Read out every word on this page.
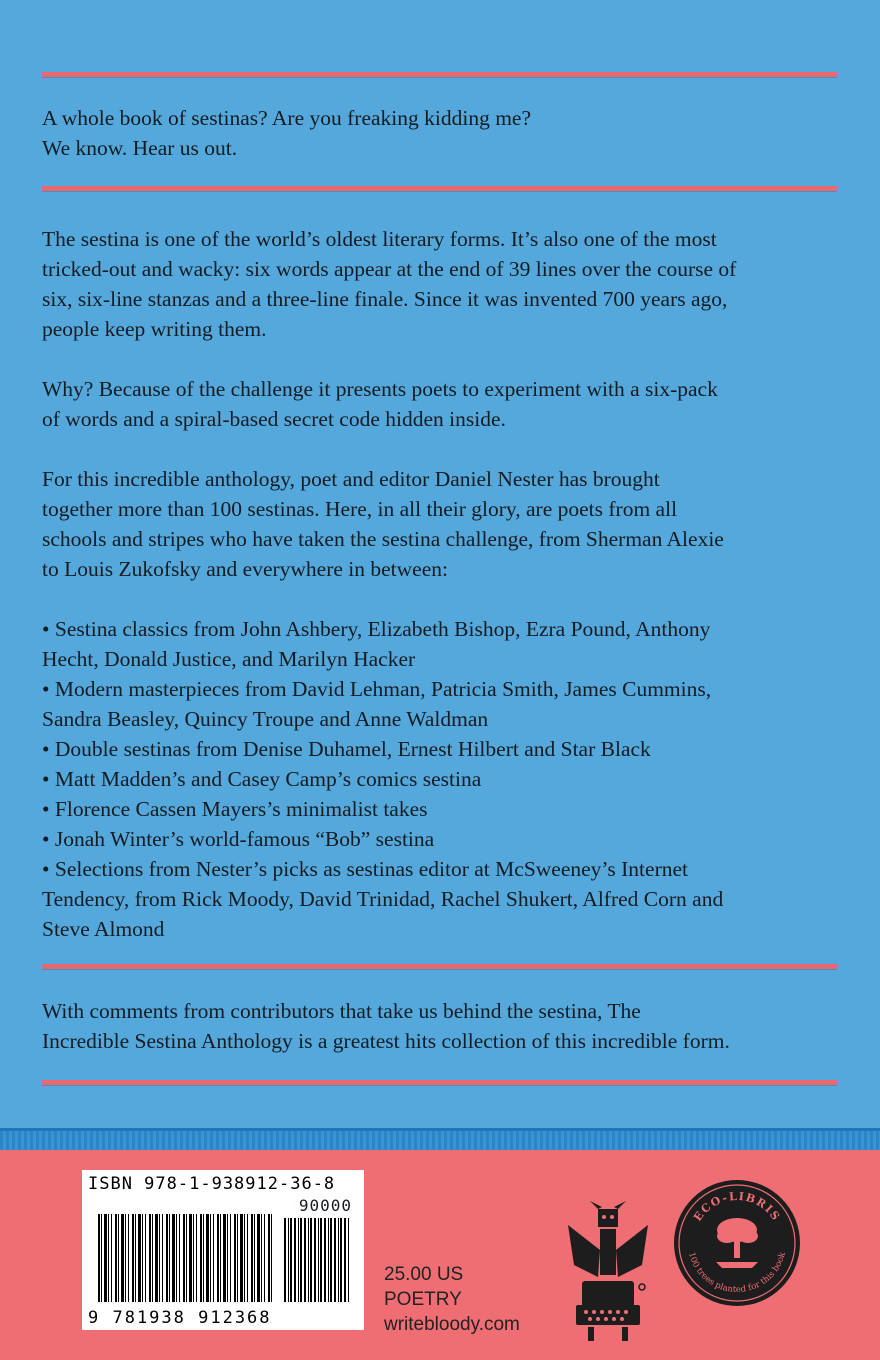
A whole book of sestinas? Are you freaking kidding me?

We know. Hear us out.

The sestina is one of the world’s oldest literary forms. It’s also one of the most

tricked-out and wacky: six words appear at the end of 39 lines over the course of

six, six-line stanzas and a three-line finale. Since it was invented 700 years ago,

people keep writing them.

Why? Because of the challenge it presents poets to experiment with a six-pack

of words and a spiral-based secret code hidden inside.

For this incredible anthology, poet and editor Daniel Nester has brought

together more than 100 sestinas. Here, in all their glory, are poets from all

schools and stripes who have taken the sestina challenge, from Sherman Alexie

to Louis Zukofsky and everywhere in between:

• Sestina classics from John Ashbery, Elizabeth Bishop, Ezra Pound, Anthony

Hecht, Donald Justice, and Marilyn Hacker

• Modern masterpieces from David Lehman, Patricia Smith, James Cummins,

Sandra Beasley, Quincy Troupe and Anne Waldman

• Double sestinas from Denise Duhamel, Ernest Hilbert and Star Black

• Matt Madden’s and Casey Camp’s comics sestina

• Florence Cassen Mayers’s minimalist takes

• Jonah Winter’s world-famous “Bob” sestina

• Selections from Nester’s picks as sestinas editor at McSweeney’s Internet

Tendency, from Rick Moody, David Trinidad, Rachel Shukert, Alfred Corn and

Steve Almond

With comments from contributors that take us behind the sestina, The

Incredible Sestina Anthology is a greatest hits collection of this incredible form.

ISBN 978-1-938912-36-8
90000
9 781938 912368
25.00 US
POETRY
writebloody.com
ECO-LIBRIS
100 trees planted for this book
